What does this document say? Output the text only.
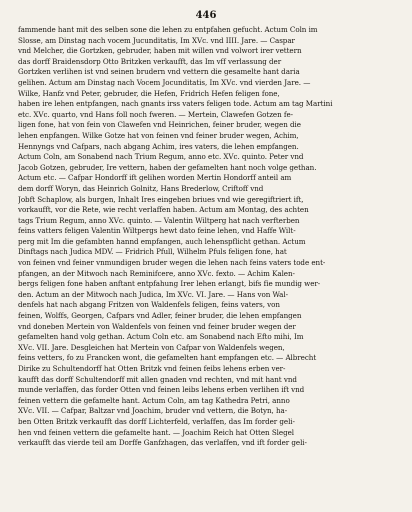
446
fammende hant mit des selben sone die lehen zu entpfahen gefucht. Actum Coln im
Slosse, am Dinstag nach vocem Jucunditatis, Im XVc. vnd IIII. Jare. — Caspar
vnd Melcher, die Gortzken, gebruder, haben mit willen vnd volwort irer vettern
das dorff Braidensdorp Otto Britzken verkaufft, das Im vff verlassung der
Gortzken verlihen ist vnd seinen brudern vnd vettern die gesamelte hant daria
gelihen. Actum am Dinstag nach Vocem Jocunditatis, Im XVc. vnd vierden Jare. —
Wilke, Hanfz vnd Peter, gebruder, die Hefen, Fridrich Hefen feligen fone,
haben ire lehen entpfangen, nach gnants irss vaters feligen tode. Actum am tag Martini
etc. XVc. quarto, vnd Hans foll noch fweren. — Mertein, Clawefen Gotzen fe-
ligen fone, hat von fein von Clawefen vnd Heinrichen, feiner bruder, wegen die
lehen enpfangen. Wilke Gotze hat von feinen vnd feiner bruder wegen, Achim,
Hennyngs vnd Cafpars, nach abgang Achim, ires vaters, die lehen empfangen.
Actum Coln, am Sonabend nach Trium Regum, anno etc. XVc. quinto. Peter vnd
Jacob Gotzen, gebruder, Ire vettern, haben der gefamelten hant noch volge gethan.
Actum etc. — Cafpar Hondorff ift gelihen worden Mertin Hondorff anteil am
dem dorff Woryn, das Heinrich Golnitz, Hans Brederlow, Criftoff vnd
Jobft Schaplow, als burgen, Inhalt Ires eingeben briues vnd wie geregiftriert ift,
vorkaufft, vor die Rete, wie recht verlaffen haben. Actum am Montag, des achten
tags Trium Regum, anno XVc. quinto. — Valentin Wiltperg hat nach verfterben
feins vatters feligen Valentin Wiltpergs hewt dato feine lehen, vnd Haffe Wilt-
perg mit Im die gefambten hannd empfangen, auch lehenspflicht gethan. Actum
Dinftags nach Judica MDV. — Fridrich Pfull, Wilhelm Pfuls feligen fone, hat
von feinen vnd feiner vnmundigen bruder wegen die lehen nach feins vaters tode ent-
pfangen, an der Mitwoch nach Reminifcere, anno XVc. fexto. — Achim Kalen-
bergs feligen fone haben anftant entpfahung Irer lehen erlangt, bifs fie mundig wer-
den. Actum an der Mitwoch nach Judica, Im XVc. VI. Jare. — Hans von Wal-
denfels hat nach abgang Fritzen von Waldenfels feligen, feins vaters, von
feinen, Wolffs, Georgen, Cafpars vnd Adler, feiner bruder, die lehen empfangen
vnd doneben Mertein von Waldenfels von feinen vnd feiner bruder wegen der
gefamelten hand volg gethan. Actum Coln etc. am Sonabend nach Efto mihi, Im
XVc. VII. Jare. Desgleichen hat Mertein von Cafpar von Waldenfels wegen,
feins vetters, fo zu Francken wont, die gefamelten hant empfangen etc. — Albrecht
Dirike zu Schultendorff hat Otten Britzk vnd feinen feibs lehens erben ver-
kaufft das dorff Schultendorff mit allen gnaden vnd rechten, vnd mit hant vnd
munde verlaffen, das forder Otten vnd feinen leibs lehens erben verlihen ift vnd
feinen vettern die gefamelte hant. Actum Coln, am tag Kathedra Petri, anno
XVc. VII. — Cafpar, Baltzar vnd Joachim, bruder vnd vettern, die Botyn, ha-
ben Otten Britzk verkaufft das dorff Lichterfeld, verlaffen, das Im forder geli-
hen vnd feinen vettern die gefamelte hant. — Joachim Reich hat Otten Slegel
verkaufft das vierde teil am Dorffe Ganfzhagen, das verlaffen, vnd ift forder geli-
